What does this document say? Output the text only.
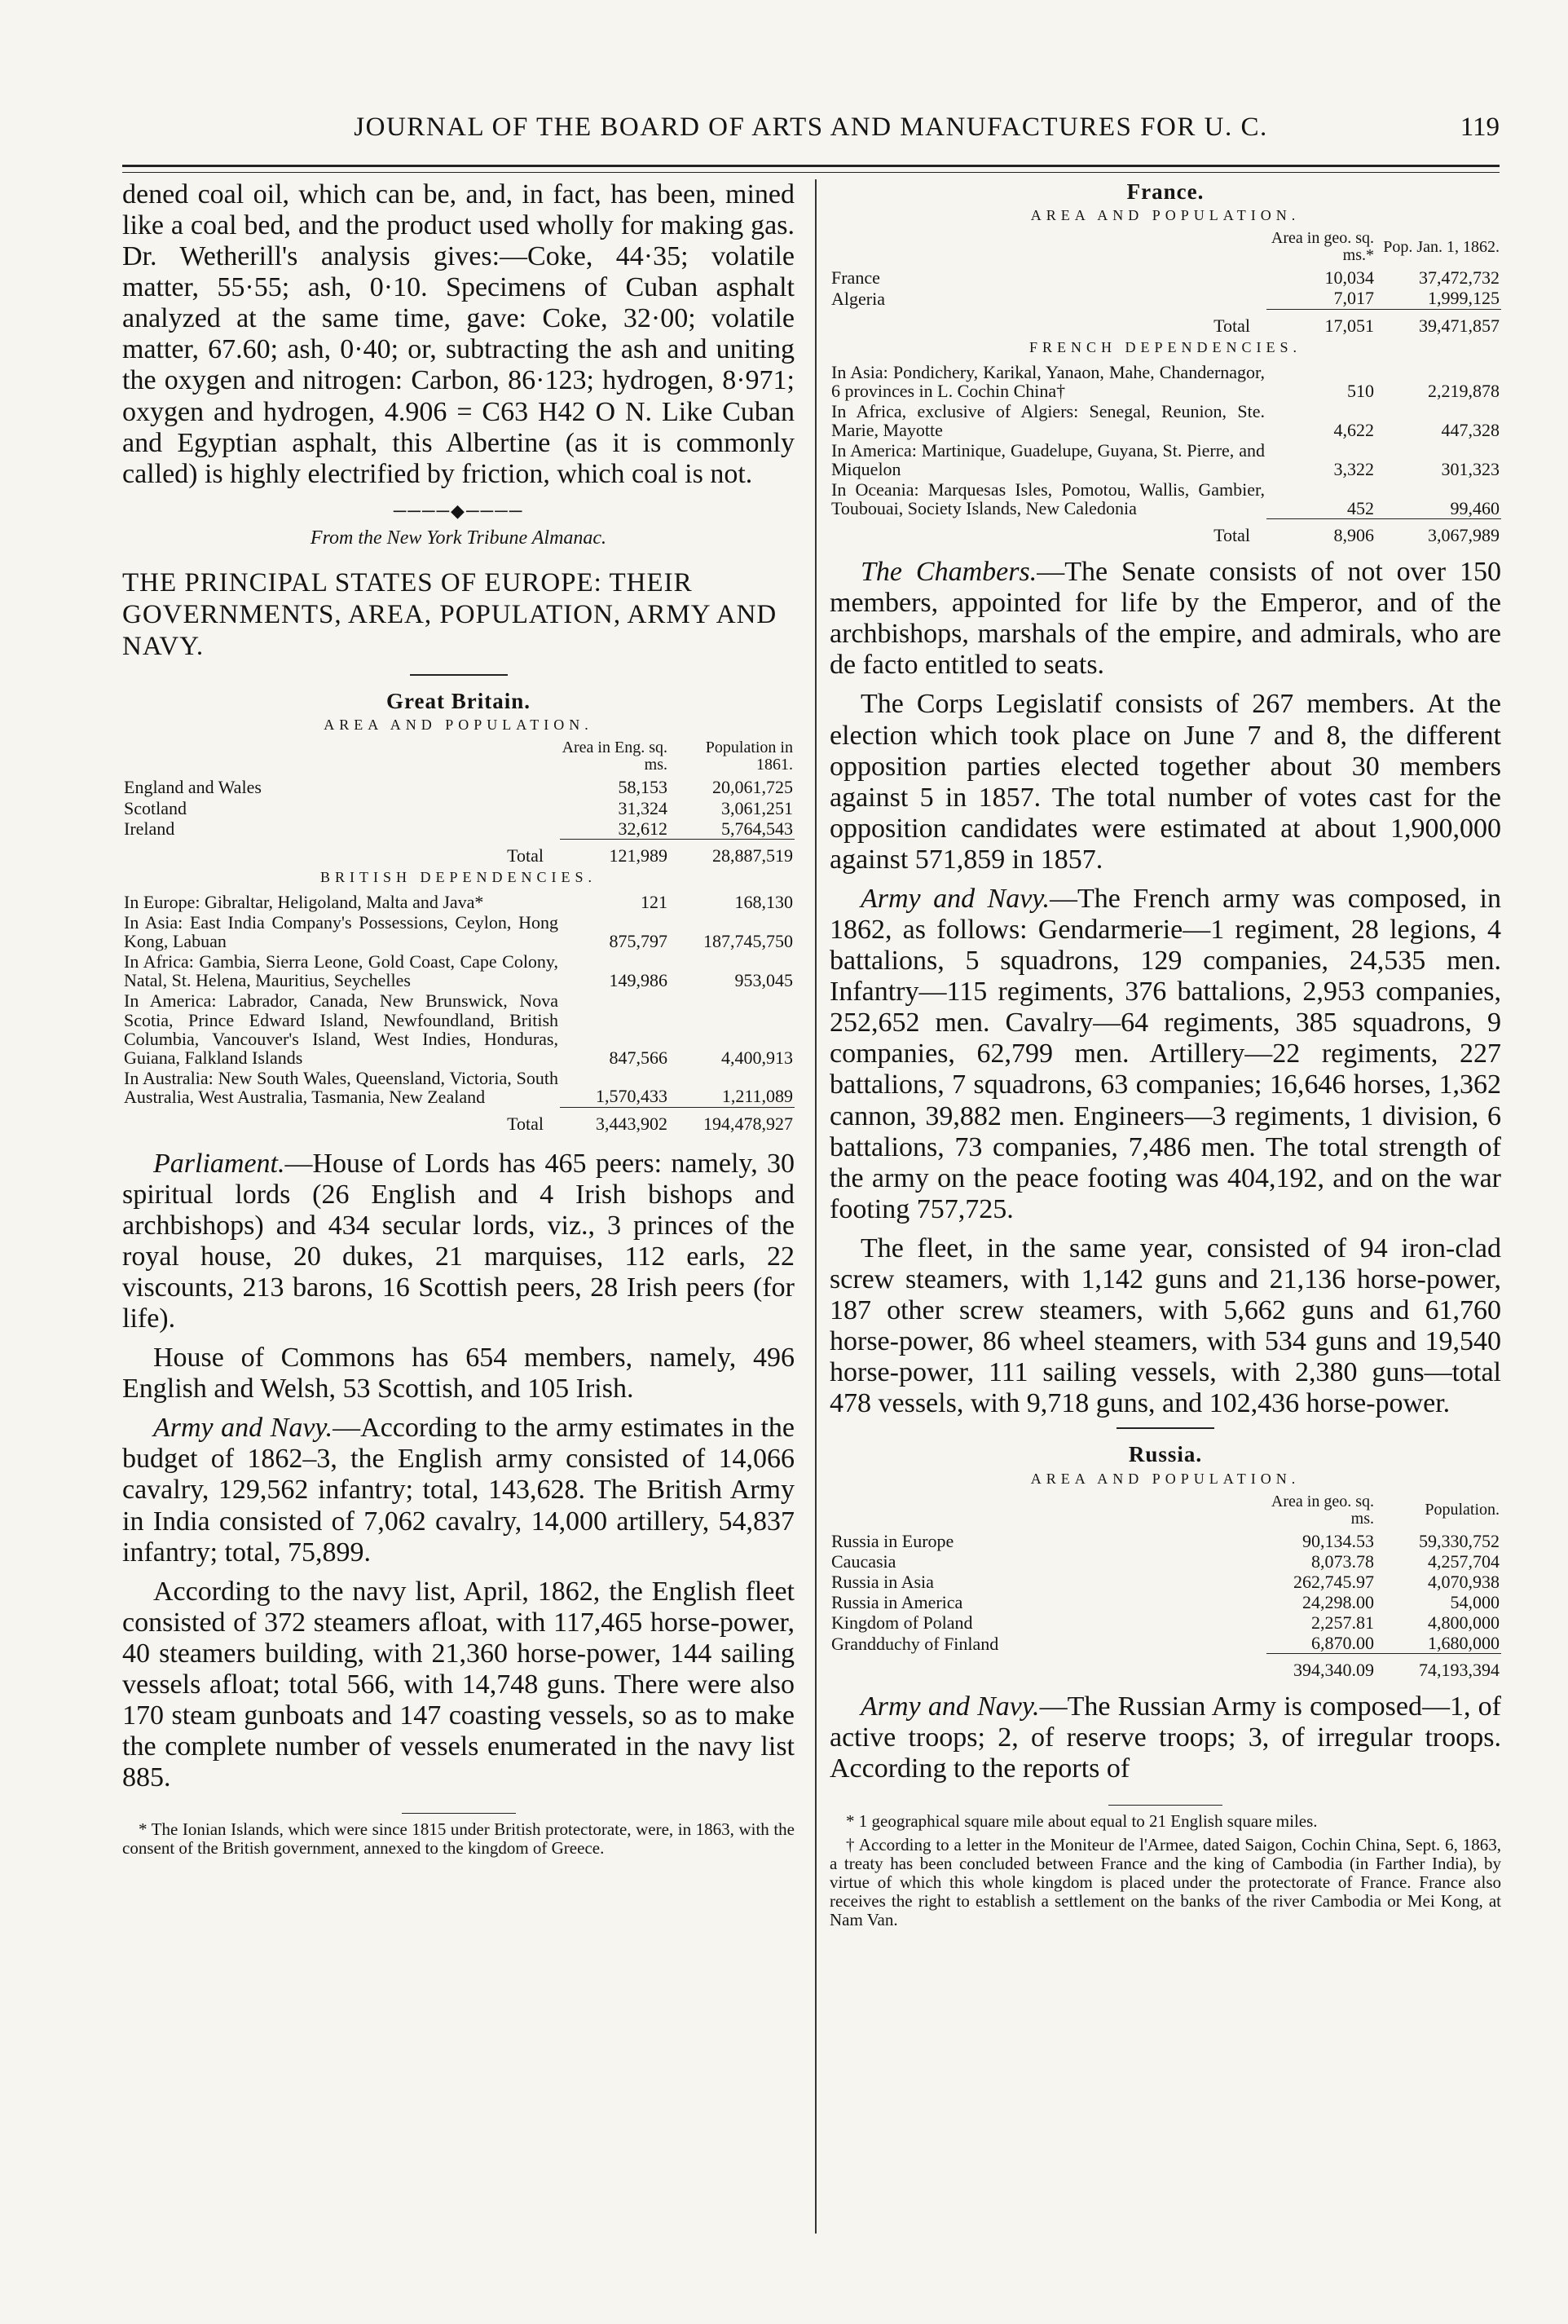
JOURNAL OF THE BOARD OF ARTS AND MANUFACTURES FOR U. C.	119

dened coal oil, which can be, and, in fact, has been, mined like a coal bed, and the product used wholly for making gas. Dr. Wetherill's analysis gives:—Coke, 44·35; volatile matter, 55·55; ash, 0·10. Specimens of Cuban asphalt analyzed at the same time, gave: Coke, 32·00; volatile matter, 67.60; ash, 0·40; or, subtracting the ash and uniting the oxygen and nitrogen: Carbon, 86·123; hydrogen, 8·971; oxygen and hydrogen, 4.906 = C63 H42 O N. Like Cuban and Egyptian asphalt, this Albertine (as it is commonly called) is highly electrified by friction, which coal is not.

────◆────
From the New York Tribune Almanac.
THE PRINCIPAL STATES OF EUROPE: THEIR GOVERNMENTS, AREA, POPULATION, ARMY AND NAVY.
Great Britain.
AREA AND POPULATION.
	Area in Eng. sq. ms.	Population in 1861.
England and Wales	58,153	20,061,725
Scotland	31,324	3,061,251
Ireland	32,612	5,764,543
Total	121,989	28,887,519
BRITISH DEPENDENCIES.
In Europe: Gibraltar, Heligoland, Malta and Java*	121	168,130
In Asia: East India Company's Possessions, Ceylon, Hong Kong, Labuan	875,797	187,745,750
In Africa: Gambia, Sierra Leone, Gold Coast, Cape Colony, Natal, St. Helena, Mauritius, Seychelles	149,986	953,045
In America: Labrador, Canada, New Brunswick, Nova Scotia, Prince Edward Island, Newfoundland, British Columbia, Vancouver's Island, West Indies, Honduras, Guiana, Falkland Islands	847,566	4,400,913
In Australia: New South Wales, Queensland, Victoria, South Australia, West Australia, Tasmania, New Zealand	1,570,433	1,211,089
Total	3,443,902	194,478,927

Parliament.—House of Lords has 465 peers: namely, 30 spiritual lords (26 English and 4 Irish bishops and archbishops) and 434 secular lords, viz., 3 princes of the royal house, 20 dukes, 21 marquises, 112 earls, 22 viscounts, 213 barons, 16 Scottish peers, 28 Irish peers (for life).

House of Commons has 654 members, namely, 496 English and Welsh, 53 Scottish, and 105 Irish.

Army and Navy.—According to the army estimates in the budget of 1862–3, the English army consisted of 14,066 cavalry, 129,562 infantry; total, 143,628. The British Army in India consisted of 7,062 cavalry, 14,000 artillery, 54,837 infantry; total, 75,899.

According to the navy list, April, 1862, the English fleet consisted of 372 steamers afloat, with 117,465 horse-power, 40 steamers building, with 21,360 horse-power, 144 sailing vessels afloat; total 566, with 14,748 guns. There were also 170 steam gunboats and 147 coasting vessels, so as to make the complete number of vessels enumerated in the navy list 885.

* The Ionian Islands, which were since 1815 under British protectorate, were, in 1863, with the consent of the British government, annexed to the kingdom of Greece.

France.
AREA AND POPULATION.
	Area in geo. sq. ms.*	Pop. Jan. 1, 1862.
France	10,034	37,472,732
Algeria	7,017	1,999,125
Total	17,051	39,471,857
FRENCH DEPENDENCIES.
In Asia: Pondichery, Karikal, Yanaon, Mahe, Chandernagor, 6 provinces in L. Cochin China†	510	2,219,878
In Africa, exclusive of Algiers: Senegal, Reunion, Ste. Marie, Mayotte	4,622	447,328
In America: Martinique, Guadelupe, Guyana, St. Pierre, and Miquelon	3,322	301,323
In Oceania: Marquesas Isles, Pomotou, Wallis, Gambier, Toubouai, Society Islands, New Caledonia	452	99,460
Total	8,906	3,067,989

The Chambers.—The Senate consists of not over 150 members, appointed for life by the Emperor, and of the archbishops, marshals of the empire, and admirals, who are de facto entitled to seats.

The Corps Legislatif consists of 267 members. At the election which took place on June 7 and 8, the different opposition parties elected together about 30 members against 5 in 1857. The total number of votes cast for the opposition candidates were estimated at about 1,900,000 against 571,859 in 1857.

Army and Navy.—The French army was composed, in 1862, as follows: Gendarmerie—1 regiment, 28 legions, 4 battalions, 5 squadrons, 129 companies, 24,535 men. Infantry—115 regiments, 376 battalions, 2,953 companies, 252,652 men. Cavalry—64 regiments, 385 squadrons, 9 companies, 62,799 men. Artillery—22 regiments, 227 battalions, 7 squadrons, 63 companies; 16,646 horses, 1,362 cannon, 39,882 men. Engineers—3 regiments, 1 division, 6 battalions, 73 companies, 7,486 men. The total strength of the army on the peace footing was 404,192, and on the war footing 757,725.

The fleet, in the same year, consisted of 94 iron-clad screw steamers, with 1,142 guns and 21,136 horse-power, 187 other screw steamers, with 5,662 guns and 61,760 horse-power, 86 wheel steamers, with 534 guns and 19,540 horse-power, 111 sailing vessels, with 2,380 guns—total 478 vessels, with 9,718 guns, and 102,436 horse-power.

Russia.
AREA AND POPULATION.
	Area in geo. sq. ms.	Population.
Russia in Europe	90,134.53	59,330,752
Caucasia	8,073.78	4,257,704
Russia in Asia	262,745.97	4,070,938
Russia in America	24,298.00	54,000
Kingdom of Poland	2,257.81	4,800,000
Grandduchy of Finland	6,870.00	1,680,000
	394,340.09	74,193,394

Army and Navy.—The Russian Army is composed—1, of active troops; 2, of reserve troops; 3, of irregular troops. According to the reports of

* 1 geographical square mile about equal to 21 English square miles.

† According to a letter in the Moniteur de l'Armee, dated Saigon, Cochin China, Sept. 6, 1863, a treaty has been concluded between France and the king of Cambodia (in Farther India), by virtue of which this whole kingdom is placed under the protectorate of France. France also receives the right to establish a settlement on the banks of the river Cambodia or Mei Kong, at Nam Van.
